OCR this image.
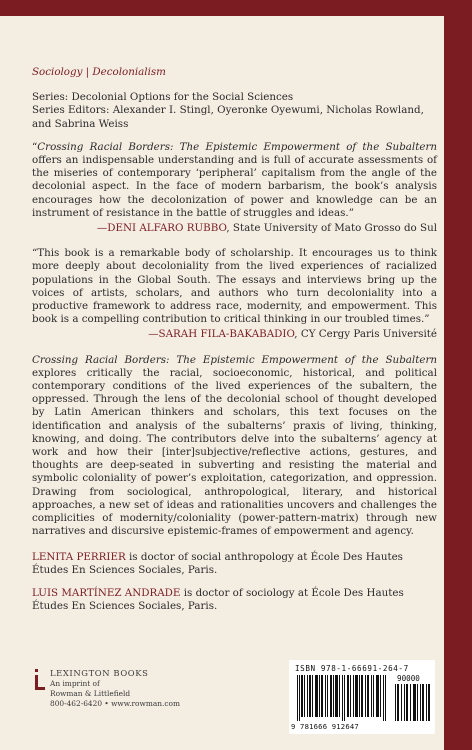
Sociology | Decolonialism

Series: Decolonial Options for the Social Sciences
Series Editors: Alexander I. Stingl, Oyeronke Oyewumi, Nicholas Rowland, and Sabrina Weiss

“Crossing Racial Borders: The Epistemic Empowerment of the Subaltern offers an indispensable understanding and is full of accurate assessments of the miseries of contemporary ‘peripheral’ capitalism from the angle of the decolonial aspect. In the face of modern barbarism, the book’s analysis encourages how the decolonization of power and knowledge can be an instrument of resistance in the battle of struggles and ideas.”

—DENI ALFARO RUBBO, State University of Mato Grosso do Sul

“This book is a remarkable body of scholarship. It encourages us to think more deeply about decoloniality from the lived experiences of racialized populations in the Global South. The essays and interviews bring up the voices of artists, scholars, and authors who turn decoloniality into a productive framework to address race, modernity, and empowerment. This book is a compelling contribution to critical thinking in our troubled times.”

—SARAH FILA-BAKABADIO, CY Cergy Paris Université

Crossing Racial Borders: The Epistemic Empowerment of the Subaltern explores critically the racial, socioeconomic, historical, and political contemporary conditions of the lived experiences of the subaltern, the oppressed. Through the lens of the decolonial school of thought developed by Latin American thinkers and scholars, this text focuses on the identification and analysis of the subalterns’ praxis of living, thinking, knowing, and doing. The contributors delve into the subalterns’ agency at work and how their [inter]subjective/reflective actions, gestures, and thoughts are deep-seated in subverting and resisting the material and symbolic coloniality of power’s exploitation, categorization, and oppression. Drawing from sociological, anthropological, literary, and historical approaches, a new set of ideas and rationalities uncovers and challenges the complicities of modernity/coloniality (power-pattern-matrix) through new narratives and discursive epistemic-frames of empowerment and agency.

LENITA PERRIER is doctor of social anthropology at École Des Hautes Études En Sciences Sociales, Paris.

LUIS MARTÍNEZ ANDRADE is doctor of sociology at École Des Hautes Études En Sciences Sociales, Paris.

LEXINGTON BOOKS
An imprint of
Rowman & Littlefield
800-462-6420 • www.rowman.com
ISBN 978-1-66691-264-7
90000
9 781666 912647
